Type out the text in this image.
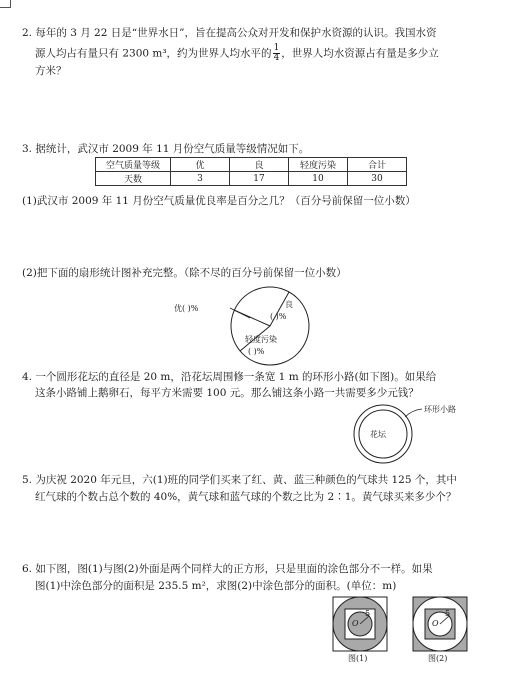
2. 每年的 3 月 22 日是“世界水日”，旨在提高公众对开发和保护水资源的认识。我国水资
源人均占有量只有 2300 m³，约为世界人均水平的 $\frac{1}{4}$ ，世界人均水资源占有量是多少立
方米？
3. 据统计，武汉市 2009 年 11 月份空气质量等级情况如下。
空气质量等级	优	良	轻度污染	合计
天数	3	17	10	30
(1)武汉市 2009 年 11 月份空气质量优良率是百分之几？（百分号前保留一位小数）
(2)把下面的扇形统计图补充完整。（除不尽的百分号前保留一位小数）
优( )%	良
( )%
轻度污染
( )%
4. 一个圆形花坛的直径是 20 m，沿花坛周围修一条宽 1 m 的环形小路(如下图)。如果给
这条小路铺上鹅卵石，每平方米需要 100 元。那么铺这条小路一共需要多少元钱？
环形小路
花坛
5. 为庆祝 2020 年元旦，六(1)班的同学们买来了红、黄、蓝三种颜色的气球共 125 个，其中
红气球的个数占总个数的 40%，黄气球和蓝气球的个数之比为 2∶1。黄气球买来多少个？
6. 如下图，图(1)与图(2)外面是两个同样大的正方形，只是里面的涂色部分不一样。如果
图(1)中涂色部分的面积是 235.5 m²，求图(2)中涂色部分的面积。(单位：m)
O
5
O
5
图(1)	图(2)
